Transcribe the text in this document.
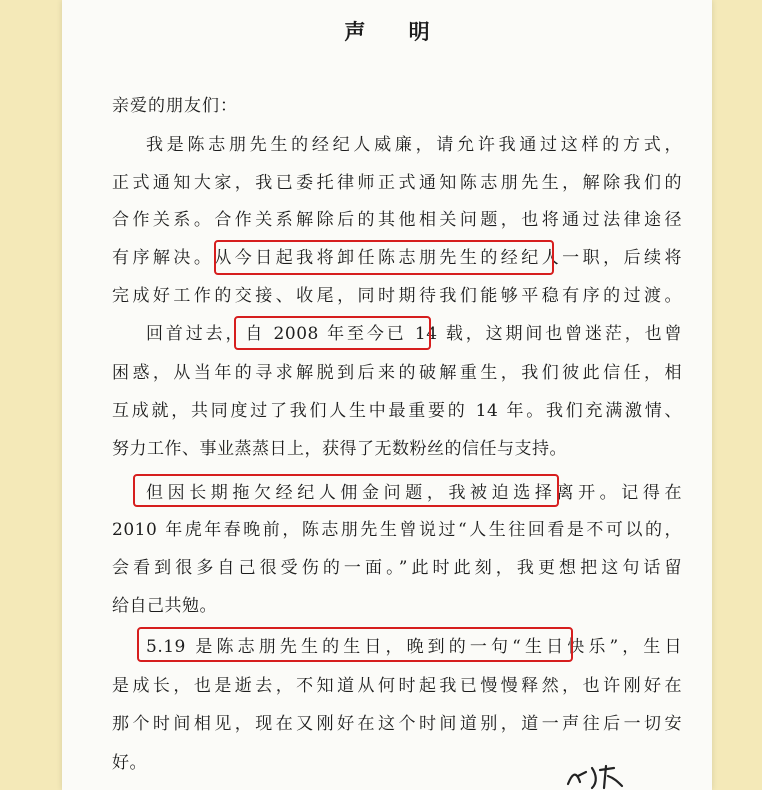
声 明
亲爱的朋友们：
我是陈志朋先生的经纪人威廉，请允许我通过这样的方式，
正式通知大家，我已委托律师正式通知陈志朋先生，解除我们的
合作关系。合作关系解除后的其他相关问题，也将通过法律途径
有序解决。从今日起我将卸任陈志朋先生的经纪人一职，后续将
完成好工作的交接、收尾，同时期待我们能够平稳有序的过渡。
回首过去，自 2008 年至今已 14 载，这期间也曾迷茫，也曾
困惑，从当年的寻求解脱到后来的破解重生，我们彼此信任，相
互成就，共同度过了我们人生中最重要的 14 年。我们充满激情、
努力工作、事业蒸蒸日上，获得了无数粉丝的信任与支持。
但因长期拖欠经纪人佣金问题，我被迫选择离开。记得在
2010 年虎年春晚前，陈志朋先生曾说过“人生往回看是不可以的，
会看到很多自己很受伤的一面。”此时此刻，我更想把这句话留
给自己共勉。
5.19 是陈志朋先生的生日，晚到的一句“生日快乐”，生日
是成长，也是逝去，不知道从何时起我已慢慢释然，也许刚好在
那个时间相见，现在又刚好在这个时间道别，道一声往后一切安
好。
